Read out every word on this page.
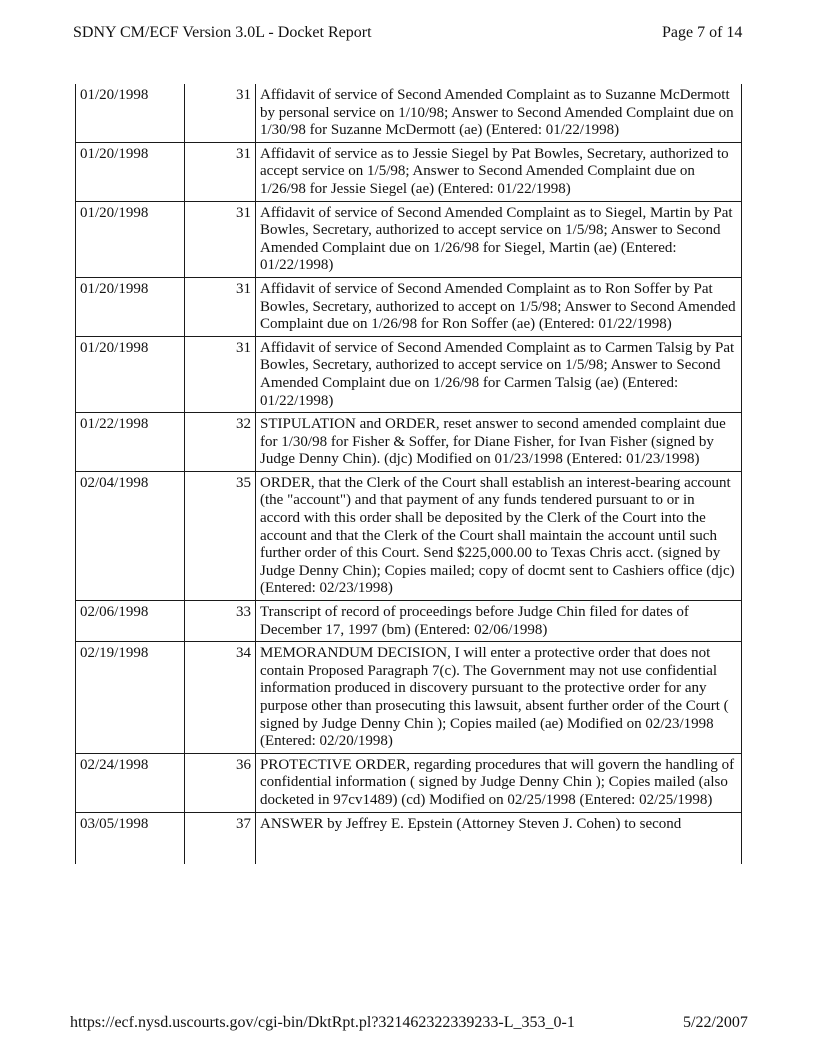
SDNY CM/ECF Version 3.0L - Docket Report	Page 7 of 14
01/20/1998	31	Affidavit of service of Second Amended Complaint as to Suzanne McDermott by personal service on 1/10/98; Answer to Second Amended Complaint due on 1/30/98 for Suzanne McDermott (ae) (Entered: 01/22/1998)
01/20/1998	31	Affidavit of service as to Jessie Siegel by Pat Bowles, Secretary, authorized to accept service on 1/5/98; Answer to Second Amended Complaint due on 1/26/98 for Jessie Siegel (ae) (Entered: 01/22/1998)
01/20/1998	31	Affidavit of service of Second Amended Complaint as to Siegel, Martin by Pat Bowles, Secretary, authorized to accept service on 1/5/98; Answer to Second Amended Complaint due on 1/26/98 for Siegel, Martin (ae) (Entered: 01/22/1998)
01/20/1998	31	Affidavit of service of Second Amended Complaint as to Ron Soffer by Pat Bowles, Secretary, authorized to accept on 1/5/98; Answer to Second Amended Complaint due on 1/26/98 for Ron Soffer (ae) (Entered: 01/22/1998)
01/20/1998	31	Affidavit of service of Second Amended Complaint as to Carmen Talsig by Pat Bowles, Secretary, authorized to accept service on 1/5/98; Answer to Second Amended Complaint due on 1/26/98 for Carmen Talsig (ae) (Entered: 01/22/1998)
01/22/1998	32	STIPULATION and ORDER, reset answer to second amended complaint due for 1/30/98 for Fisher & Soffer, for Diane Fisher, for Ivan Fisher (signed by Judge Denny Chin). (djc) Modified on 01/23/1998 (Entered: 01/23/1998)
02/04/1998	35	ORDER, that the Clerk of the Court shall establish an interest-bearing account (the "account") and that payment of any funds tendered pursuant to or in accord with this order shall be deposited by the Clerk of the Court into the account and that the Clerk of the Court shall maintain the account until such further order of this Court. Send $225,000.00 to Texas Chris acct. (signed by Judge Denny Chin); Copies mailed; copy of docmt sent to Cashiers office (djc) (Entered: 02/23/1998)
02/06/1998	33	Transcript of record of proceedings before Judge Chin filed for dates of December 17, 1997 (bm) (Entered: 02/06/1998)
02/19/1998	34	MEMORANDUM DECISION, I will enter a protective order that does not contain Proposed Paragraph 7(c). The Government may not use confidential information produced in discovery pursuant to the protective order for any purpose other than prosecuting this lawsuit, absent further order of the Court ( signed by Judge Denny Chin ); Copies mailed (ae) Modified on 02/23/1998 (Entered: 02/20/1998)
02/24/1998	36	PROTECTIVE ORDER, regarding procedures that will govern the handling of confidential information ( signed by Judge Denny Chin ); Copies mailed (also docketed in 97cv1489) (cd) Modified on 02/25/1998 (Entered: 02/25/1998)
03/05/1998	37	ANSWER by Jeffrey E. Epstein (Attorney Steven J. Cohen) to second
https://ecf.nysd.uscourts.gov/cgi-bin/DktRpt.pl?321462322339233-L_353_0-1	5/22/2007
